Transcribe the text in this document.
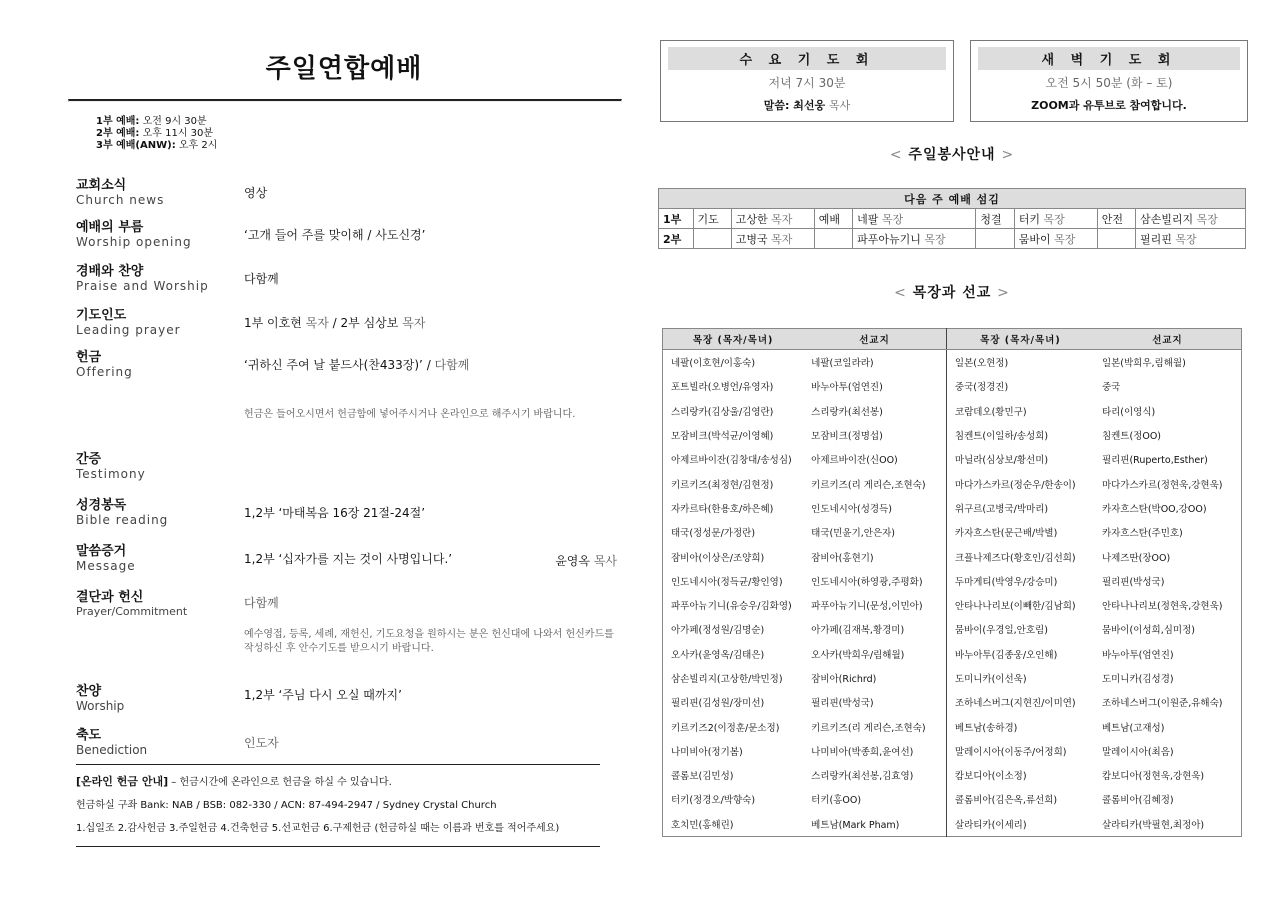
주일연합예배
1부 예배: 오전 9시 30분
2부 예배: 오후 11시 30분
3부 예배(ANW): 오후 2시
교회소식
Church news	영상
예배의 부름
Worship opening	‘고개 들어 주를 맞이해 / 사도신경’
경배와 찬양
Praise and Worship	다함께
기도인도
Leading prayer	1부 이호현 목자 / 2부 심상보 목자
헌금
Offering	‘귀하신 주여 날 붙드사(찬433장)’ / 다함께
헌금은 들어오시면서 헌금함에 넣어주시거나 온라인으로 해주시기 바랍니다.
간증
Testimony
성경봉독
Bible reading	1,2부 ‘마태복음 16장 21절-24절’
말씀증거
Message	1,2부 ‘십자가를 지는 것이 사명입니다.’	윤영옥 목사
결단과 헌신
Prayer/Commitment
다함께
예수영접, 등록, 세례, 재헌신, 기도요청을 원하시는 분은 헌신대에 나와서 헌신카드를 작성하신 후 안수기도를 받으시기 바랍니다.
찬양
Worship
1,2부 ‘주님 다시 오실 때까지’
축도
Benediction	인도자
[온라인 헌금 안내] – 헌금시간에 온라인으로 헌금을 하실 수 있습니다.
헌금하실 구좌 Bank: NAB / BSB: 082-330 / ACN: 87-494-2947 / Sydney Crystal Church
1.십일조 2.감사헌금 3.주일헌금 4.건축헌금 5.선교헌금 6.구제헌금 (헌금하실 때는 이름과 번호를 적어주세요)
수 요 기 도 회
저녁 7시 30분
말씀: 최선웅 목사
새 벽 기 도 회
오전 5시 50분 (화 – 토)
ZOOM과 유투브로 참여합니다.
< 주일봉사안내 >
다음 주 예배 섬김								
1부	기도	고상한 목자	예배	네팔 목장	청결	터키 목장	안전	삼손빌리지 목장
2부		고병국 목자		파푸아뉴기니 목장		뭄바이 목장		필리핀 목장
< 목장과 선교 >
목장 (목자/목녀)	선교지	목장 (목자/목녀)	선교지
네팔(이호현/이홍숙)	네팔(코일라라)	일본(오현정)	일본(박희우,림해월)
포트빌라(오병언/유영자)	바누아투(엄연진)	중국(정경진)	중국
스리랑카(김상울/김영란)	스리랑카(최선봉)	코람데오(황민구)	타리(이영식)
모잠비크(박석균/이영혜)	모잠비크(정명섭)	침켄트(이일하/송성희)	침켄트(정OO)
아제르바이잔(김창대/송성심)	아제르바이잔(신OO)	마닐라(심상보/황선미)	필리핀(Ruperto,Esther)
키르키즈(최정현/김현정)	키르키즈(리 게리슨,조현숙)	마다가스카르(정순우/한송이)	마다가스카르(정현욱,강현욱)
자카르타(한용호/하은혜)	인도네시아(성경득)	위구르(고병국/박마리)	카자흐스탄(박OO,강OO)
태국(정성문/가정란)	태국(민윤기,안은자)	카자흐스탄(문근배/박별)	카자흐스탄(주민호)
잠비아(이상은/조양희)	잠비아(홍현기)	크플나제즈다(황호인/김선희)	나제즈딴(장OO)
인도네시아(정득균/황인영)	인도네시아(하영광,주평화)	두마게티(박영우/강승미)	필리핀(박성국)
파푸아뉴기니(유승우/김화영)	파푸아뉴기니(문성,이민아)	안타나나리보(이빼한/김남희)	안타나나리보(정현욱,강현욱)
아가페(정성원/김명순)	아가페(김재복,황경미)	뭄바이(우경일,안호림)	뭄바이(이성희,심미정)
오사카(윤영옥/김태은)	오사카(박희우/림해월)	바누아투(김종웅/오인해)	바누아투(엄연진)
삼손빌리지(고상한/박민정)	잠비아(Richrd)	도미니카(이선욱)	도미니카(김성경)
필리핀(김성원/장미선)	필리핀(박성국)	조하네스버그(지현진/이미연)	조하네스버그(이원준,유해숙)
키르키즈2(이정훈/문소정)	키르키즈(리 게리슨,조현숙)	베트남(송하경)	베트남(고재성)
나미비아(정기봄)	나미비아(박종희,윤여선)	말레이시아(이동주/어정희)	말레이시아(최음)
콜롬보(김민성)	스리랑카(최선봉,김효영)	캄보디아(이소정)	캄보디아(정현욱,강현욱)
터키(정경오/박향숙)	터키(홍OO)	콜롬비아(김은옥,류선희)	콜롬비아(김혜정)
호치민(홍해린)	베트남(Mark Pham)	살라티카(이세리)	살라티카(박필현,최정아)
